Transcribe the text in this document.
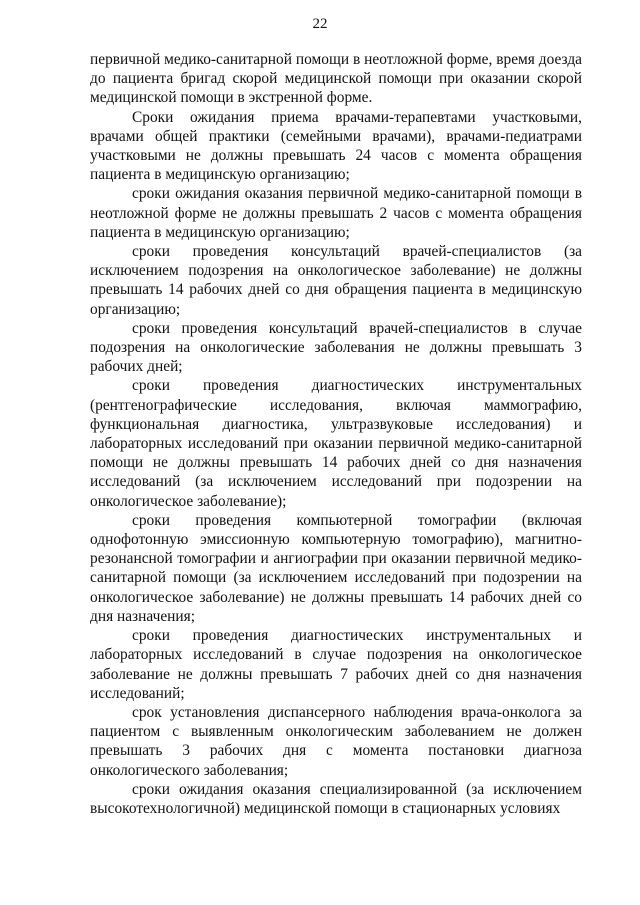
22

первичной медико-санитарной помощи в неотложной форме, время доезда до пациента бригад скорой медицинской помощи при оказании скорой медицинской помощи в экстренной форме.

Сроки ожидания приема врачами-терапевтами участковыми, врачами общей практики (семейными врачами), врачами-педиатрами участковыми не должны превышать 24 часов с момента обращения пациента в медицинскую организацию;

сроки ожидания оказания первичной медико-санитарной помощи в неотложной форме не должны превышать 2 часов с момента обращения пациента в медицинскую организацию;

сроки проведения консультаций врачей-специалистов (за исключением подозрения на онкологическое заболевание) не должны превышать 14 рабочих дней со дня обращения пациента в медицинскую организацию;

сроки проведения консультаций врачей-специалистов в случае подозрения на онкологические заболевания не должны превышать 3 рабочих дней;

сроки проведения диагностических инструментальных (рентгенографические исследования, включая маммографию, функциональная диагностика, ультразвуковые исследования) и лабораторных исследований при оказании первичной медико-санитарной помощи не должны превышать 14 рабочих дней со дня назначения исследований (за исключением исследований при подозрении на онкологическое заболевание);

сроки проведения компьютерной томографии (включая однофотонную эмиссионную компьютерную томографию), магнитно-резонансной томографии и ангиографии при оказании первичной медико-санитарной помощи (за исключением исследований при подозрении на онкологическое заболевание) не должны превышать 14 рабочих дней со дня назначения;

сроки проведения диагностических инструментальных и лабораторных исследований в случае подозрения на онкологическое заболевание не должны превышать 7 рабочих дней со дня назначения исследований;

срок установления диспансерного наблюдения врача-онколога за пациентом с выявленным онкологическим заболеванием не должен превышать 3 рабочих дня с момента постановки диагноза онкологического заболевания;

сроки ожидания оказания специализированной (за исключением высокотехнологичной) медицинской помощи в стационарных условиях
